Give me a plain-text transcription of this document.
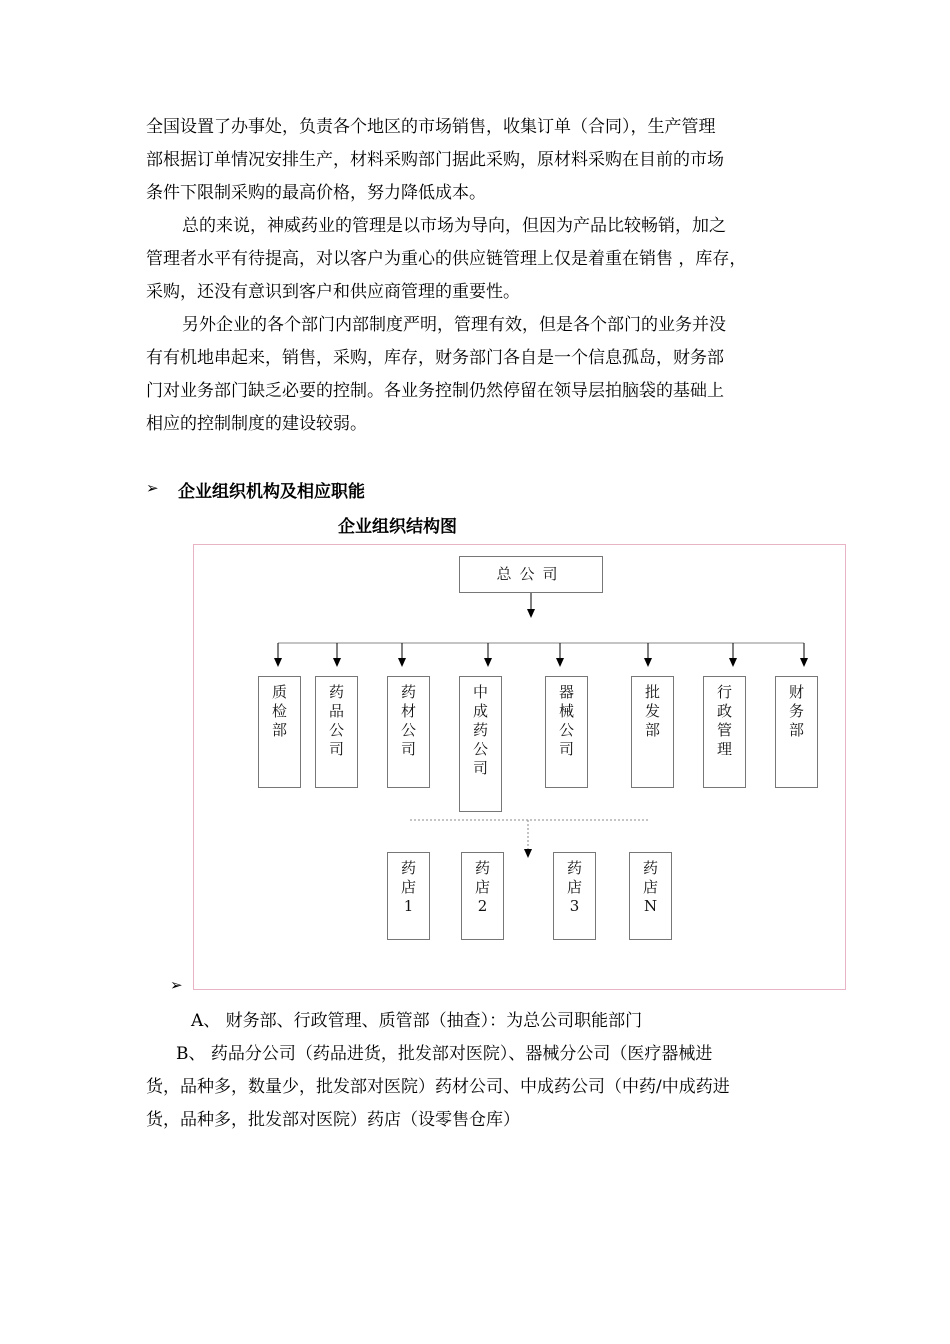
全国设置了办事处，负责各个地区的市场销售，收集订单（合同），生产管理
部根据订单情况安排生产，材料采购部门据此采购，原材料采购在目前的市场
条件下限制采购的最高价格，努力降低成本。
总的来说，神威药业的管理是以市场为导向，但因为产品比较畅销，加之
管理者水平有待提高，对以客户为重心的供应链管理上仅是着重在销售 ，库存，
采购，还没有意识到客户和供应商管理的重要性。
另外企业的各个部门内部制度严明，管理有效，但是各个部门的业务并没
有有机地串起来，销售，采购，库存，财务部门各自是一个信息孤岛，财务部
门对业务部门缺乏必要的控制。各业务控制仍然停留在领导层拍脑袋的基础上
相应的控制制度的建设较弱。
➢ 企业组织机构及相应职能
企业组织结构图
总公司
质
检
部
药
品
公
司
药
材
公
司
中
成
药
公
司
器
械
公
司
批
发
部
行
政
管
理
财
务
部
药
店
1
药
店
2
药
店
3
药
店
N
➢
A、 财务部、行政管理、质管部（抽查）：为总公司职能部门
B、 药品分公司（药品进货，批发部对医院）、器械分公司（医疗器械进
货，品种多，数量少，批发部对医院）药材公司、中成药公司（中药/中成药进
货，品种多，批发部对医院）药店（设零售仓库）
